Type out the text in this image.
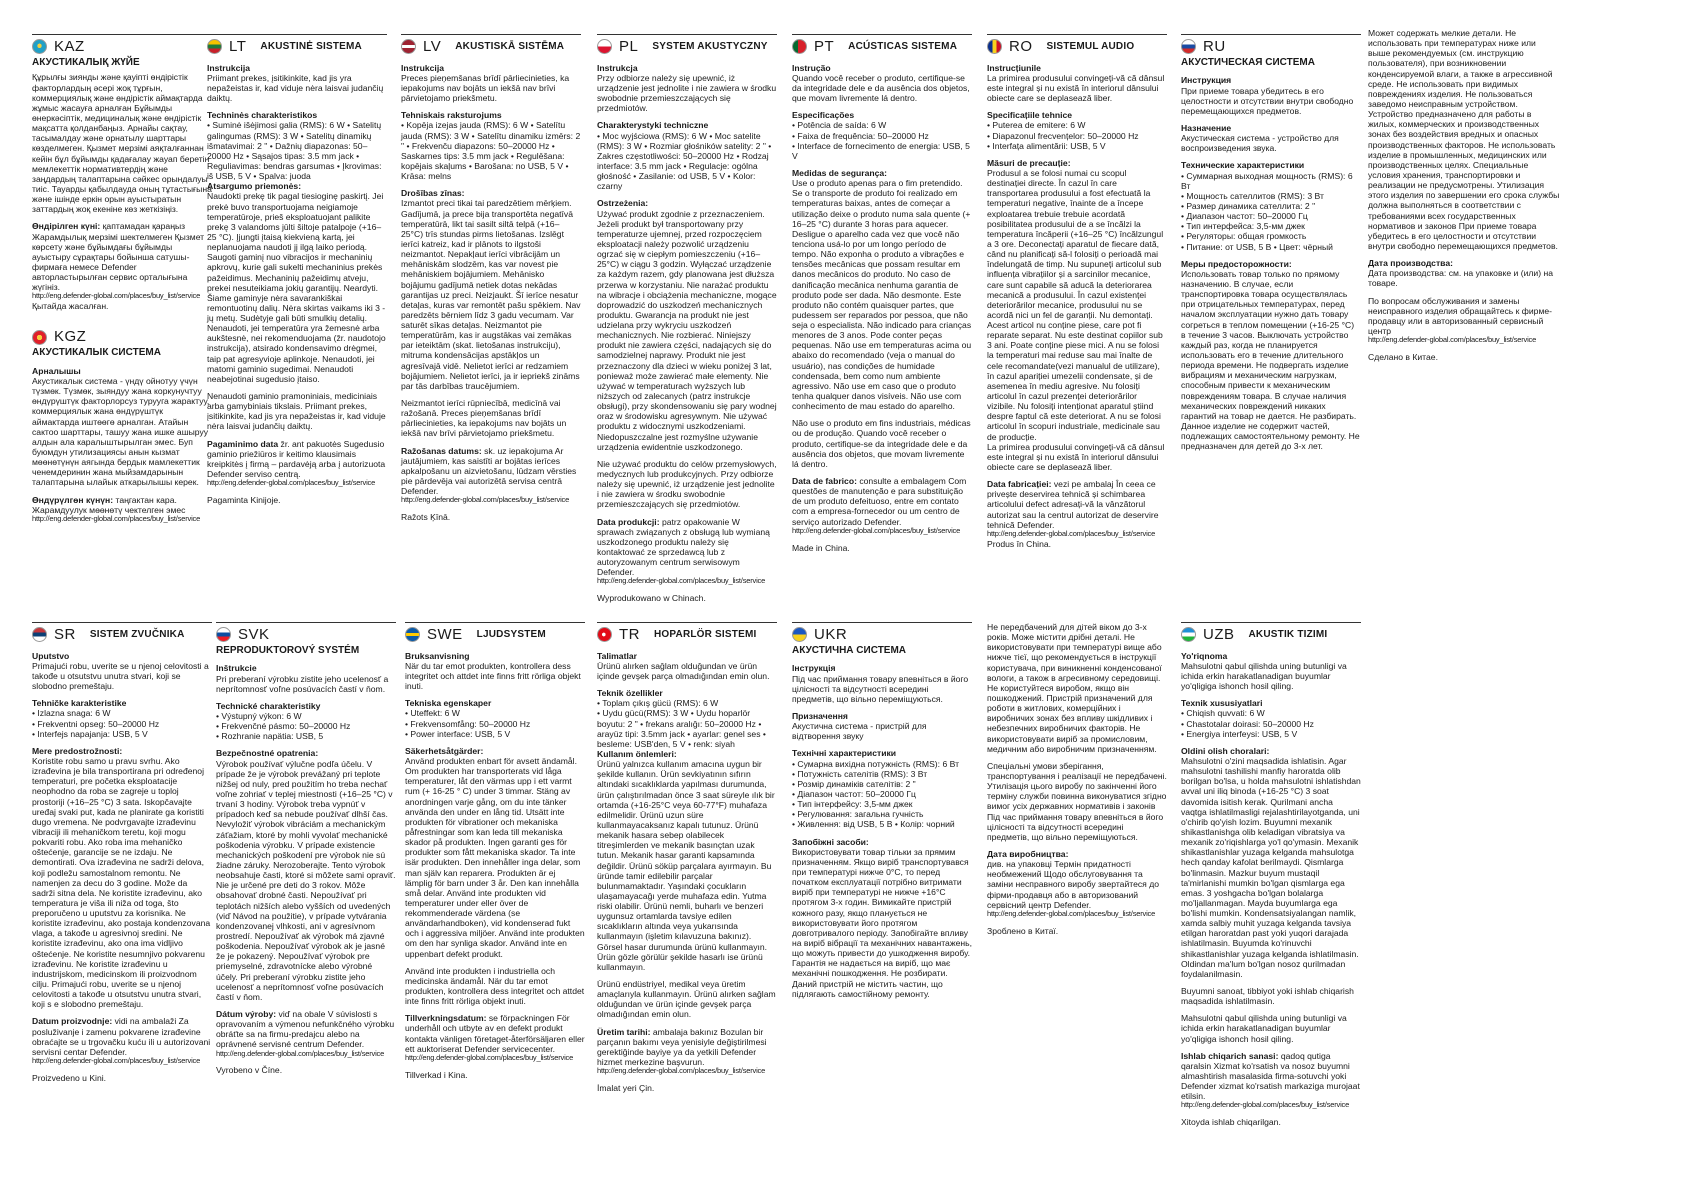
KAZ
АКУСТИКАЛЫҚ ЖҮЙЕ
Құрылғы зиянды және қауіпті өндірістік факторлардың әсері жоқ тұрғын, коммерциялық және өндірістік аймақтарда жұмыс жасауға арналған Бұйымды өнеркәсіптік, медициналық және өндірістік мақсатта қолданбаңыз. Арнайы сақтау, тасымалдау және орнатылу шарттары көзделмеген. Қызмет мерзімі аяқталғаннан кейін бұл бұйымды қадағалау жауап беретін мемлекеттік нормативтердің және заңдардың талаптарына сәйкес орындалуы тиіс. Тауарды қабылдауда оның тұтастығына және ішінде еркін орын ауыстыратын заттардың жоқ екеніне көз жеткізіңіз.
Өндірілген күні: қаптамадан қараңыз Жарамдылық мерзімі шектелмеген Қызмет көрсету және бұйымдағы бұйымды ауыстыру сұрақтары бойынша сатушы-фирмаға немесе Defender авторластырылған сервис орталығына жүгініз.
http://eng.defender-global.com/places/buy_list/service
Қытайда жасалған.
KGZ
АКУСТИКАЛЫК СИСТЕМА
Арналышы
Акустикалык система - үндү ойнотуу үчүн түзмөк. Түзмөк, зыяндуу жана коркунучтуу өндүрүштүк факторлорсуз турууга жарактуу, коммерциялык жана өндүрүштүк аймактарда иштөөгө арналган. Атайын сактоо шарттары, ташуу жана ишке ашыруу алдын ала каралыштырылган эмес. Буп буюмдун утилизациясы анын кызмат мөөнөтүнүн аягында бердык мамлекеттик ченемдеринин жана мыйзамдарынын талаптарына ылайык аткарылышы керек.
Өндүрүлгөн күнүн: таңгактан кара. Жарамдуулук мөөнөтү чектелген эмес
http://eng.defender-global.com/places/buy_list/service
LT AKUSTINĖ SISTEMA
Instrukcija
Priimant prekes, įsitikinkite, kad jis yra nepažeistas ir, kad viduje nėra laisvai judančių daiktų.
Techninės charakteristikos
• Suminė išėjimosi galia (RMS): 6 W • Satelitų galingumas (RMS): 3 W • Satelitų dinamikų išmatavimai: 2 " • Dažnių diapazonas: 50–20000 Hz • Sąsajos tipas: 3.5 mm jack • Reguliavimas: bendras garsumas • Įkrovimas: iš USB, 5 V • Spalva: juoda
Atsargumo priemonės:
Naudokti prekę tik pagal tiesioginę paskirtį. Jei prekė buvo transportuojama neigiamoje temperatūroje, prieš eksploatuojant palikite prekę 3 valandoms jūlti šiltoje patalpoje (+16–25 °C). Įjungti įtaisą kiekvieną kartą, jei neplanuojama naudoti jį ilgą laiko periodą. Saugoti gaminį nuo vibracijos ir mechaninių apkrovų, kurie gali sukelti mechaninius prekės pažeidimus. Mechaninių pažeidimų atveju, prekei nesuteikiama jokių garantijų. Neardyti. Šiame gaminyje nėra savarankiškai remontuotinų dalių. Nėra skirtas vaikams iki 3 -jų metų. Sudėtyje gali būti smulkių detalių. Nenaudoti, jei temperatūra yra žemesnė arba aukštesnė, nei rekomenduojama (žr. naudotojo instrukcija), atsirado kondensavimo drėgmei, taip pat agresyvioje aplinkoje. Nenaudoti, jei matomi gaminio sugedimai. Nenaudoti neabejotinai sugedusio įtaiso.
Nenaudoti gaminio pramoniniais, mediciniais arba gamybiniais tikslais. Priimant prekes, įsitikinkite, kad jis yra nepažeistas ir, kad viduje nėra laisvai judančių daiktų.
Pagaminimo data žr. ant pakuotės Sugedusio gaminio priežiūros ir keitimo klausimais kreipkitės į firmą – pardavėją arba į autorizuota Defender serviso centrą.
http://eng.defender-global.com/places/buy_list/service
Pagaminta Kinijoje.
LV AKUSTISKĀ SISTĒMA
Instrukcija
Preces pieņemšanas brīdī pārliecinieties, ka iepakojums nav bojāts un iekšā nav brīvi pārvietojamo priekšmetu.
Tehniskais raksturojums
• Kopēja izejas jauda (RMS): 6 W • Satelītu jauda (RMS): 3 W • Satelītu dinamiku izmērs: 2 " • Frekvenču diapazons: 50–20000 Hz • Saskarnes tips: 3.5 mm jack • Regulēšana: kopējais skaļums • Barošana: no USB, 5 V • Krāsa: melns
Drošības zīnas:
Izmantot preci tikai tai paredzētiem mērķiem. Gadījumā, ja prece bija transportēta negatīvā temperatūrā, likt tai sasilt siltā telpā (+16–25°C) trīs stundas pirms lietošanas. Izslēgt ierīci katreiz, kad ir plānots to ilgstoši neizmantot. Nepakļaut ierīci vibrācijām un mehāniskām slodzēm, kas var novest pie mehāniskiem bojājumiem. Mehānisko bojājumu gadījumā netiek dotas nekādas garantijas uz preci. Neizjaukt. Šī ierīce nesatur detaļas, kuras var remontēt pašu spēkiem. Nav paredzēts bērniem līdz 3 gadu vecumam. Var saturēt sīkas detaļas. Neizmantot pie temperatūrām, kas ir augstākas vai zemākas par ieteiktām (skat. lietošanas instrukciju), mitruma kondensācijas apstākļos un agresīvajā vidē. Nelietot ierīci ar redzamiem bojājumiem. Nelietot ierīci, ja ir iepriekš zināms par tās darbības traucējumiem.
Neizmantot ierīci rūpniecībā, medicīnā vai ražošanā. Preces pieņemšanas brīdī pārliecinieties, ka iepakojums nav bojāts un iekšā nav brīvi pārvietojamo priekšmetu.
Ražošanas datums: sk. uz iepakojuma Ar jautājumiem, kas saistīti ar bojātas ierīces apkalpošanu un aizvietošanu, lūdzam vērsties pie pārdevēja vai autorizētā servisa centrā Defender.
http://eng.defender-global.com/places/buy_list/service
Ražots Ķīnā.
PL SYSTEM AKUSTYCZNY
Instrukcja
Przy odbiorze należy się upewnić, iż urządzenie jest jednolite i nie zawiera w środku swobodnie przemieszczających się przedmiotów.
Charakterystyki techniczne
• Moc wyjściowa (RMS): 6 W • Moc satelite (RMS): 3 W • Rozmiar głośników satelity: 2 " • Zakres częstotliwości: 50–20000 Hz • Rodzaj interface: 3.5 mm jack • Regulacje: ogólna głośność • Zasilanie: od USB, 5 V • Kolor: czarny
Ostrzeżenia:
Używać produkt zgodnie z przeznaczeniem. Jeżeli produkt był transportowany przy temperaturze ujemnej, przed rozpoczęciem eksploatacji należy pozwolić urządzeniu ogrzać się w ciepłym pomieszczeniu (+16–25°C) w ciągu 3 godzin. Wyłączać urządzenie za każdym razem, gdy planowana jest dłuższa przerwa w korzystaniu. Nie narażać produktu na wibracje i obciążenia mechaniczne, mogące doprowadzić do uszkodzeń mechanicznych produktu. Gwarancja na produkt nie jest udzielana przy wykryciu uszkodzeń mechanicznych. Nie rozbierać. Niniejszy produkt nie zawiera części, nadających się do samodzielnej naprawy. Produkt nie jest przeznaczony dla dzieci w wieku poniżej 3 lat, ponieważ może zawierać małe elementy. Nie używać w temperaturach wyższych lub niższych od zalecanych (patrz instrukcje obsługi), przy skondensowaniu się pary wodnej oraz w środowisku agresywnym. Nie używać produktu z widocznymi uszkodzeniami. Niedopuszczalne jest rozmyślne używanie urządzenia ewidentnie uszkodzonego.
Nie używać produktu do celów przemysłowych, medycznych lub produkcyjnych. Przy odbiorze należy się upewnić, iż urządzenie jest jednolite i nie zawiera w środku swobodnie przemieszczających się przedmiotów.
Data produkcji: patrz opakowanie W sprawach związanych z obsługą lub wymianą uszkodzonego produktu należy się kontaktować ze sprzedawcą lub z autoryzowanym centrum serwisowym Defender.
http://eng.defender-global.com/places/buy_list/service
Wyprodukowano w Chinach.
PT ACÚSTICAS SISTEMA
Instrução
Quando você receber o produto, certifique-se da integridade dele e da ausência dos objetos, que movam livremente lá dentro.
Especificações
• Potência de saída: 6 W
• Faixa de frequência: 50–20000 Hz
• Interface de fornecimento de energia: USB, 5 V
Medidas de segurança:
Use o produto apenas para o fim pretendido. Se o transporte de produto foi realizado em temperaturas baixas, antes de começar a utilização deixe o produto numa sala quente (+ 16–25 °C) durante 3 horas para aquecer. Desligue o aparelho cada vez que você não tenciona usá-lo por um longo período de tempo. Não exponha o produto a vibrações e tensões mecânicas que possam resultar em danos mecânicos do produto. No caso de danificação mecânica nenhuma garantia de produto pode ser dada. Não desmonte. Este produto não contém quaisquer partes, que pudessem ser reparados por pessoa, que não seja o especialista. Não indicado para crianças menores de 3 anos. Pode conter peças pequenas. Não use em temperaturas acima ou abaixo do recomendado (veja o manual do usuário), nas condições de humidade condensada, bem como num ambiente agressivo. Não use em caso que o produto tenha qualquer danos visíveis. Não use com conhecimento de mau estado do aparelho.
Não use o produto em fins industriais, médicas ou de produção. Quando você receber o produto, certifique-se da integridade dele e da ausência dos objetos, que movam livremente lá dentro.
Data de fabrico: consulte a embalagem Com questões de manutenção e para substituição de um produto defeituoso, entre em contato com a empresa-fornecedor ou um centro de serviço autorizado Defender.
http://eng.defender-global.com/places/buy_list/service
Made in China.
RO SISTEMUL AUDIO
Instrucțiunile
La primirea produsului convingeți-vă că dânsul este integral și nu există în interiorul dânsului obiecte care se deplasează liber.
Specificațiile tehnice
• Puterea de emitere: 6 W
• Diapazonul frecvențelor: 50–20000 Hz
• Interfața alimentării: USB, 5 V
Măsuri de precauție:
Produsul a se folosi numai cu scopul destinației directe. În cazul în care transportarea produsului a fost efectuată la temperaturi negative, înainte de a începe exploatarea trebuie trebuie acordată posibilitatea produsului de a se încălzi la temperatura încăperii (+16–25 °C) încălzungul a 3 ore. Deconectați aparatul de fiecare dată, când nu planificați să-l folosiți o perioadă mai îndelungată de timp. Nu supuneți articolul sub influența vibrațiilor și a sarcinilor mecanice, care sunt capabile să aducă la deteriorarea mecanică a produsului. În cazul existenței deteriorărilor mecanice, produsului nu se acordă nici un fel de garanții. Nu demontați. Acest articol nu conține piese, care pot fi reparate separat. Nu este destinat copiilor sub 3 ani. Poate conține piese mici. A nu se folosi la temperaturi mai reduse sau mai înalte de cele recomandate(vezi manualul de utilizare), în cazul apariției umezelii condensate, și de asemenea în mediu agresive. Nu folosiți articolul în cazul prezenței deteriorărilor vizibile. Nu folosiți intenționat aparatul știind despre faptul că este deteriorat. A nu se folosi articolul în scopuri industriale, medicinale sau de producție.
La primirea produsului convingeți-vă că dânsul este integral și nu există în interiorul dânsului obiecte care se deplasează liber.
Data fabricației: vezi pe ambalaj În ceea ce privește deservirea tehnică și schimbarea articolului defect adresați-vă la vânzătorul autorizat sau la centrul autorizat de deservire tehnică Defender.
http://eng.defender-global.com/places/buy_list/service
Produs în China.
RU
АКУСТИЧЕСКАЯ СИСТЕМА
Инструкция
При приеме товара убедитесь в его целостности и отсутствии внутри свободно перемещающихся предметов.
Назначение
Акустическая система - устройство для воспроизведения звука.
Технические характеристики
• Суммарная выходная мощность (RMS): 6 Вт
• Мощность сателлитов (RMS): 3 Вт
• Размер динамика сателлита: 2 "
• Диапазон частот: 50–20000 Гц
• Тип интерфейса: 3,5-мм джек
• Регуляторы: общая громкость
• Питание: от USB, 5 В • Цвет: чёрный
Меры предосторожности:
Использовать товар только по прямому назначению. В случае, если транспортировка товара осуществлялась при отрицательных температурах, перед началом эксплуатации нужно дать товару согреться в теплом помещении (+16-25 °C) в течение 3 часов. Выключать устройство каждый раз, когда не планируется использовать его в течение длительного периода времени. Не подвергать изделие вибрациям и механическим нагрузкам, способным привести к механическим повреждениям товара. В случае наличия механических повреждений никаких гарантий на товар не дается. Не разбирать. Данное изделие не содержит частей, подлежащих самостоятельному ремонту. Не предназначен для детей до 3-х лет.
Может содержать мелкие детали. Не использовать при температурах ниже или выше рекомендуемых (см. инструкцию пользователя), при возникновении конденсируемой влаги, а также в агрессивной среде. Не использовать при видимых повреждениях изделия. Не пользоваться заведомо неисправным устройством. Устройство предназначено для работы в жилых, коммерческих и производственных зонах без воздействия вредных и опасных производственных факторов. Не использовать изделие в промышленных, медицинских или производственных целях. Специальные условия хранения, транспортировки и реализации не предусмотрены. Утилизация этого изделия по завершении его срока службы должна выполняться в соответствии с требованиями всех государственных нормативов и законов При приеме товара убедитесь в его целостности и отсутствии внутри свободно перемещающихся предметов.
Дата производства:
Дата производства: см. на упаковке и (или) на товаре.
По вопросам обслуживания и замены неисправного изделия обращайтесь к фирме-продавцу или в авторизованный сервисный центр
http://eng.defender-global.com/places/buy_list/service
Сделано в Китае.
SR SISTEM ZVUČNIKA
Uputstvo
Primajući robu, uverite se u njenoj celovitosti a takođe u otsutstvu unutra stvari, koji se slobodno premeštaju.
Tehničke karakteristike
• Izlazna snaga: 6 W
• Frekventni opseg: 50–20000 Hz
• Interfejs napajanja: USB, 5 V
Mere predostrožnosti:
Koristite robu samo u pravu svrhu. Ako izrađevina je bila transportirana pri određenoj temperaturi, pre početka eksploatacije neophodno da roba se zagreje u toploj prostoriji (+16–25 °C) 3 sata. Iskopčavajte uređaj svaki put, kada ne planirate ga koristiti dugo vremena. Ne podvrgavajte izrađevinu vibraciji ili mehaničkom teretu, koji mogu pokvariti robu. Ako roba ima mehaničko oštećenje, garancije se ne izdaju. Ne demontirati. Ova izrađevina ne sadrži delova, koji podležu samostalnom remontu. Ne namenjen za decu do 3 godine. Može da sadrži sitna dela. Ne koristite izrađevinu, ako temperatura je viša ili niža od toga, što preporučeno u uputstvu za korisnika. Ne koristite izrađevinu, ako postaja kondenzovana vlaga, a takođe u agresivnoj sredini. Ne koristite izrađevinu, ako ona ima vidljivo oštećenje. Ne koristite nesumnjivo pokvarenu izrađevinu. Ne koristite izrađevinu u industrijskom, medicinskom ili proizvodnom cilju. Primajući robu, uverite se u njenoj celovitosti a takođe u otsutstvu unutra stvari, koji s e slobodno premeštaju.
Datum proizvodnje: vidi na ambalaži Za posluživanje i zamenu pokvarene izrađevine obraćajte se u trgovačku kuću ili u autorizovani servisni centar Defender.
http://eng.defender-global.com/places/buy_list/service
Proizvedeno u Kini.
SVK
REPRODUKTOROVÝ SYSTÉM
Inštrukcie
Pri preberaní výrobku zistite jeho ucelenosť a neprítomnosť voľne posúvacích častí v ňom.
Technické charakteristiky
• Výstupný výkon: 6 W
• Frekvenčné pásmo: 50–20000 Hz
• Rozhranie napätia: USB, 5
Bezpečnostné opatrenia:
Výrobok používať výlučne podľa účelu. V prípade že je výrobok prevážaný pri teplote nižšej od nuly, pred použitím ho treba nechať voľne zohriať v teplej miestnosti (+16–25 °C) v trvaní 3 hodiny. Výrobok treba vypnúť v prípadoch keď sa nebude používať dlhší čas. Nevyložiť výrobok vibráciám a mechanickým záťažiam, ktoré by mohli vyvolať mechanické poškodenia výrobku. V prípade existencie mechanických poškodení pre výrobok nie sú žiadne záruky. Nerozoberajte. Tento výrobok neobsahuje časti, ktoré si môžete sami opraviť. Nie je určené pre deti do 3 rokov. Môže obsahovať drobné časti. Nepoužívať pri teplotách nižších alebo vyšších od uvedených (viď Návod na použitie), v prípade vytvárania kondenzovanej vlhkosti, ani v agresívnom prostredí. Nepoužívať ak výrobok má zjavné poškodenia. Nepoužívať výrobok ak je jasné že je pokazený. Nepoužívať výrobok pre priemyselné, zdravotnícke alebo výrobné účely. Pri preberaní výrobku zistite jeho ucelenosť a neprítomnosť voľne posúvacích častí v ňom.
Dátum výroby: viď na obale V súvislosti s opravovaním a výmenou nefunkčného výrobku obráťte sa na firmu-predajcu alebo na oprávnené servisné centrum Defender.
http://eng.defender-global.com/places/buy_list/service
Vyrobeno v Číne.
SWE LJUDSYSTEM
Bruksanvisning
När du tar emot produkten, kontrollera dess integritet och attdet inte finns fritt rörliga objekt inuti.
Tekniska egenskaper
• Uteffekt: 6 W
• Frekvensomfång: 50–20000 Hz
• Power interface: USB, 5 V
Säkerhetsåtgärder:
Använd produkten enbart för avsett ändamål. Om produkten har transporterats vid låga temperaturer, låt den värmas upp i ett varmt rum (+ 16-25 ° C) under 3 timmar. Stäng av anordningen varje gång, om du inte tänker använda den under en lång tid. Utsätt inte produkten för vibrationer och mekaniska påfrestningar som kan leda till mekaniska skador på produkten. Ingen garanti ges för produkter som fått mekaniska skador. Ta inte isär produkten. Den innehåller inga delar, som man själv kan reparera. Produkten är ej lämplig för barn under 3 år. Den kan innehålla små delar. Använd inte produkten vid temperaturer under eller över de rekommenderade värdena (se användarhandboken), vid kondenserad fukt och i aggressiva miljöer. Använd inte produkten om den har synliga skador. Använd inte en uppenbart defekt produkt.
Använd inte produkten i industriella och medicinska ändamål. När du tar emot produkten, kontrollera dess integritet och attdet inte finns fritt rörliga objekt inuti.
Tillverkningsdatum: se förpackningen För underhåll och utbyte av en defekt produkt kontakta vänligen företaget-återförsäljaren eller ett auktoriserat Defender servicecenter.
http://eng.defender-global.com/places/buy_list/service
Tillverkad i Kina.
TR HOPARLÖR SISTEMI
Talimatlar
Ürünü alırken sağlam olduğundan ve ürün içinde gevşek parça olmadığından emin olun.
Teknik özellikler
• Toplam çıkış gücü (RMS): 6 W
• Uydu gücü(RMS): 3 W • Uydu hoparlör boyutu: 2 " • frekans aralığı: 50–20000 Hz • arayüz tipi: 3.5mm jack • ayarlar: genel ses • besleme: USB'den, 5 V • renk: siyah
Kullanım önlemleri:
Ürünü yalnızca kullanım amacına uygun bir şekilde kullanın. Ürün sevkiyatının sıfırın altındaki sıcaklıklarda yapılması durumunda, ürün çalıştırılmadan önce 3 saat süreyle ılık bir ortamda (+16-25°C veya 60-77°F) muhafaza edilmelidir. Ürünü uzun süre kullanmayacaksanız kapalı tutunuz. Ürünü mekanik hasara sebep olabilecek titreşimlerden ve mekanik basınçtan uzak tutun. Mekanik hasar garanti kapsamında değildir. Ürünü söküp parçalara ayırmayın. Bu üründe tamir edilebilir parçalar bulunmamaktadır. Yaşındaki çocukların ulaşamayacağı yerde muhafaza edin. Yutma riski olabilir. Ürünü nemli, buharlı ve benzeri uygunsuz ortamlarda tavsiye edilen sıcaklıkların altında veya yukarısında kullanmayın (işletim kılavuzuna bakınız). Görsel hasar durumunda ürünü kullanmayın. Ürün gözle görülür şekilde hasarlı ise ürünü kullanmayın.
Ürünü endüstriyel, medikal veya üretim amaçlarıyla kullanmayın. Ürünü alırken sağlam olduğundan ve ürün içinde gevşek parça olmadığından emin olun.
Üretim tarihi: ambalaja bakınız Bozulan bir parçanın bakımı veya yenisiyle değiştirilmesi gerektiğinde bayiye ya da yetkili Defender hizmet merkezine başvurun.
http://eng.defender-global.com/places/buy_list/service
İmalat yeri Çin.
UKR
АКУСТИЧНА СИСТЕМА
Інструкція
Під час приймання товару впевніться в його цілісності та відсутності всередині предметів, що вільно переміщуються.
Призначення
Акустична система - пристрій для відтворення звуку
Технічні характеристики
• Сумарна вихідна потужність (RMS): 6 Вт
• Потужність сателітів (RMS): 3 Вт
• Розмір динаміків сателітів: 2 "
• Діапазон частот: 50–20000 Гц
• Тип інтерфейсу: 3,5-мм джек
• Регулювання: загальна гучність
• Живлення: від USB, 5 В • Колір: чорний
Запобіжні засоби:
Використовувати товар тільки за прямим призначенням. Якщо виріб транспортувався при температурі нижче 0°C, то перед початком експлуатації потрібно витримати виріб при температурі не нижче +16°C протягом 3-х годин. Вимикайте пристрій кожного разу, якщо планується не використовувати його протягом довготривалого періоду. Запобігайте впливу на виріб вібрації та механічних навантажень, що можуть привести до ушкодження виробу. Гарантія не надається на виріб, що має механічні пошкодження. Не розбирати. Даний пристрій не містить частин, що підлягають самостійному ремонту.
Не передбачений для дітей віком до 3-х років. Може містити дрібні деталі. Не використовувати при температурі вище або нижче тієї, що рекомендується в інструкції користувача, при виникненні конденсованої вологи, а також в агресивному середовищі. Не користуйтеся виробом, якщо він пошкоджений. Пристрій призначений для роботи в житлових, комерційних і виробничих зонах без впливу шкідливих і небезпечних виробничих факторів. Не використовувати виріб за промисловим, медичним або виробничим призначенням.
Спеціальні умови зберігання, транспортування і реалізації не передбачені. Утилізація цього виробу по закінченні його терміну служби повинна виконуватися згідно вимог усіх державних нормативів і законів Під час приймання товару впевніться в його цілісності та відсутності всередині предметів, що вільно переміщуються.
Дата виробництва:
див. на упаковці Термін придатності необмежений Щодо обслуговування та заміни несправного виробу звертайтеся до фірми-продавця або в авторизований сервісний центр Defender.
http://eng.defender-global.com/places/buy_list/service
Зроблено в Китаї.
UZB AKUSTIK TIZIMI
Yo'riqnoma
Mahsulotni qabul qilishda uning butunligi va ichida erkin harakatlanadigan buyumlar yo'qligiga ishonch hosil qiling.
Texnik xususiyatlari
• Chiqish quvvati: 6 W
• Chastotalar doirasi: 50–20000 Hz
• Energiya interfeysi: USB, 5 V
Oldini olish choralari:
Mahsulotni o'zini maqsadida ishlatisin. Agar mahsulotni tashilishi manfiy haroratda olib borilgan bo'lsa, u holda mahsulotni ishlatishdan avval uni iliq binoda (+16-25 °C) 3 soat davomida isitish kerak. Qurilmani ancha vaqtga ishlatilmasligi rejalashtirilayotganda, uni o'chirib qo'yish lozim. Buyumni mexanik shikastlanishga olib keladigan vibratsiya va mexanik zo'riqishlarga yo'l qo'ymasin. Mexanik shikastlanishlar yuzaga kelganda mahsulotga hech qanday kafolat berilmaydi. Qismlarga bo'linmasin. Mazkur buyum mustaqil ta'mirlanishi mumkin bo'lgan qismlarga ega emas. 3 yoshgacha bo'lgan bolalarga mo'ljallanmagan. Mayda buyumlarga ega bo'lishi mumkin. Kondensatsiyalangan namlik, xamda salbiy muhit yuzaga kelganda tavsiya etilgan haroratdan past yoki yuqori darajada ishlatilmasin. Buyumda ko'rinuvchi shikastlanishlar yuzaga kelganda ishlatilmasin. Oldindan ma'lum bo'lgan nosoz qurilmadan foydalanilmasin.
Buyumni sanoat, tibbiyot yoki ishlab chiqarish maqsadida ishlatilmasin.
Mahsulotni qabul qilishda uning butunligi va ichida erkin harakatlanadigan buyumlar yo'qligiga ishonch hosil qiling.
Ishlab chiqarich sanasi: qadoq qutiga qaralsin Xizmat ko'rsatish va nosoz buyumni almashtirish masalasida firma-sotuvchi yoki Defender xizmat ko'rsatish markaziga murojaat etilsin.
http://eng.defender-global.com/places/buy_list/service
Xitoyda ishlab chiqarilgan.
